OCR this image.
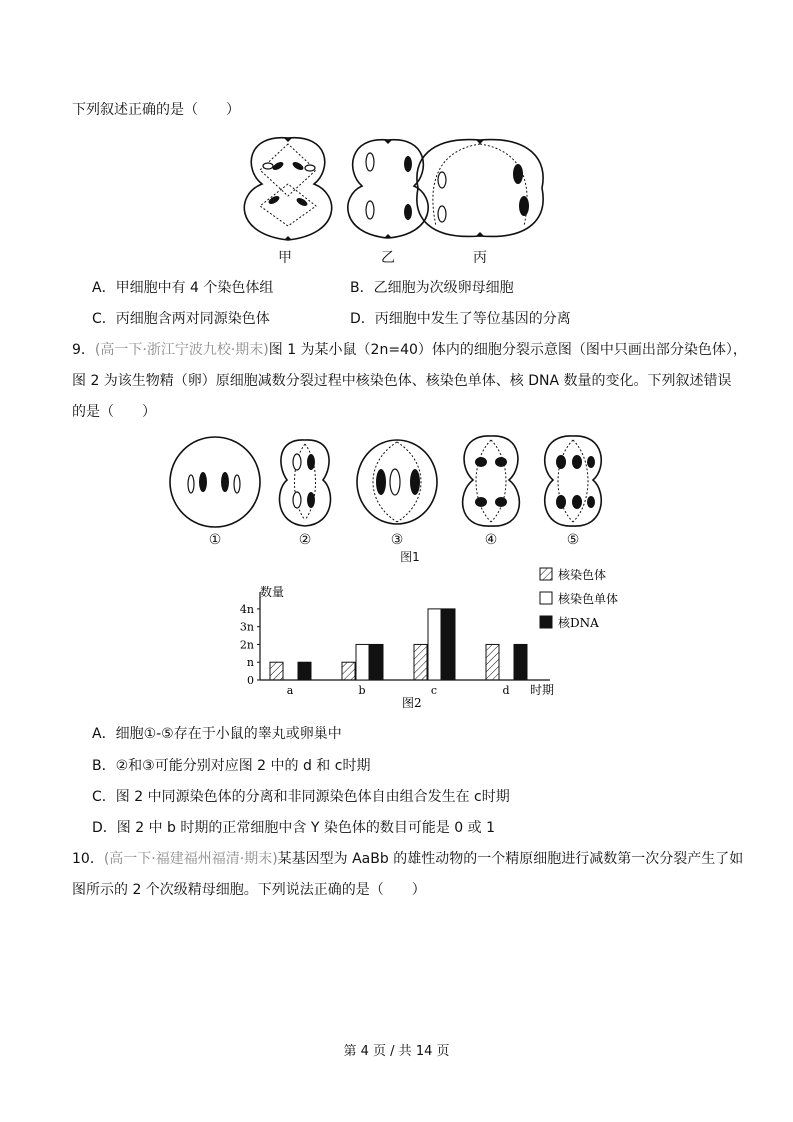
下列叙述正确的是（　　）
甲	乙	丙
A．甲细胞中有 4 个染色体组	B．乙细胞为次级卵母细胞
C．丙细胞含两对同源染色体	D．丙细胞中发生了等位基因的分离
9．(高一下·浙江宁波九校·期末)图 1 为某小鼠（2n=40）体内的细胞分裂示意图（图中只画出部分染色体），
图 2 为该生物精（卵）原细胞减数分裂过程中核染色体、核染色单体、核 DNA 数量的变化。下列叙述错误
的是（　　）
①	②	③	④	⑤
图1
数量
0
n
2n
3n
4n
a	b	c	d
核染色体
核染色单体
核DNA
时期
图2
A．细胞①-⑤存在于小鼠的睾丸或卵巢中
B．②和③可能分别对应图 2 中的 d 和 c时期
C．图 2 中同源染色体的分离和非同源染色体自由组合发生在 c时期
D．图 2 中 b 时期的正常细胞中含 Y 染色体的数目可能是 0 或 1
10．(高一下·福建福州福清·期末)某基因型为 AaBb 的雄性动物的一个精原细胞进行减数第一次分裂产生了如
图所示的 2 个次级精母细胞。下列说法正确的是（　　）
第 4 页 / 共 14 页
